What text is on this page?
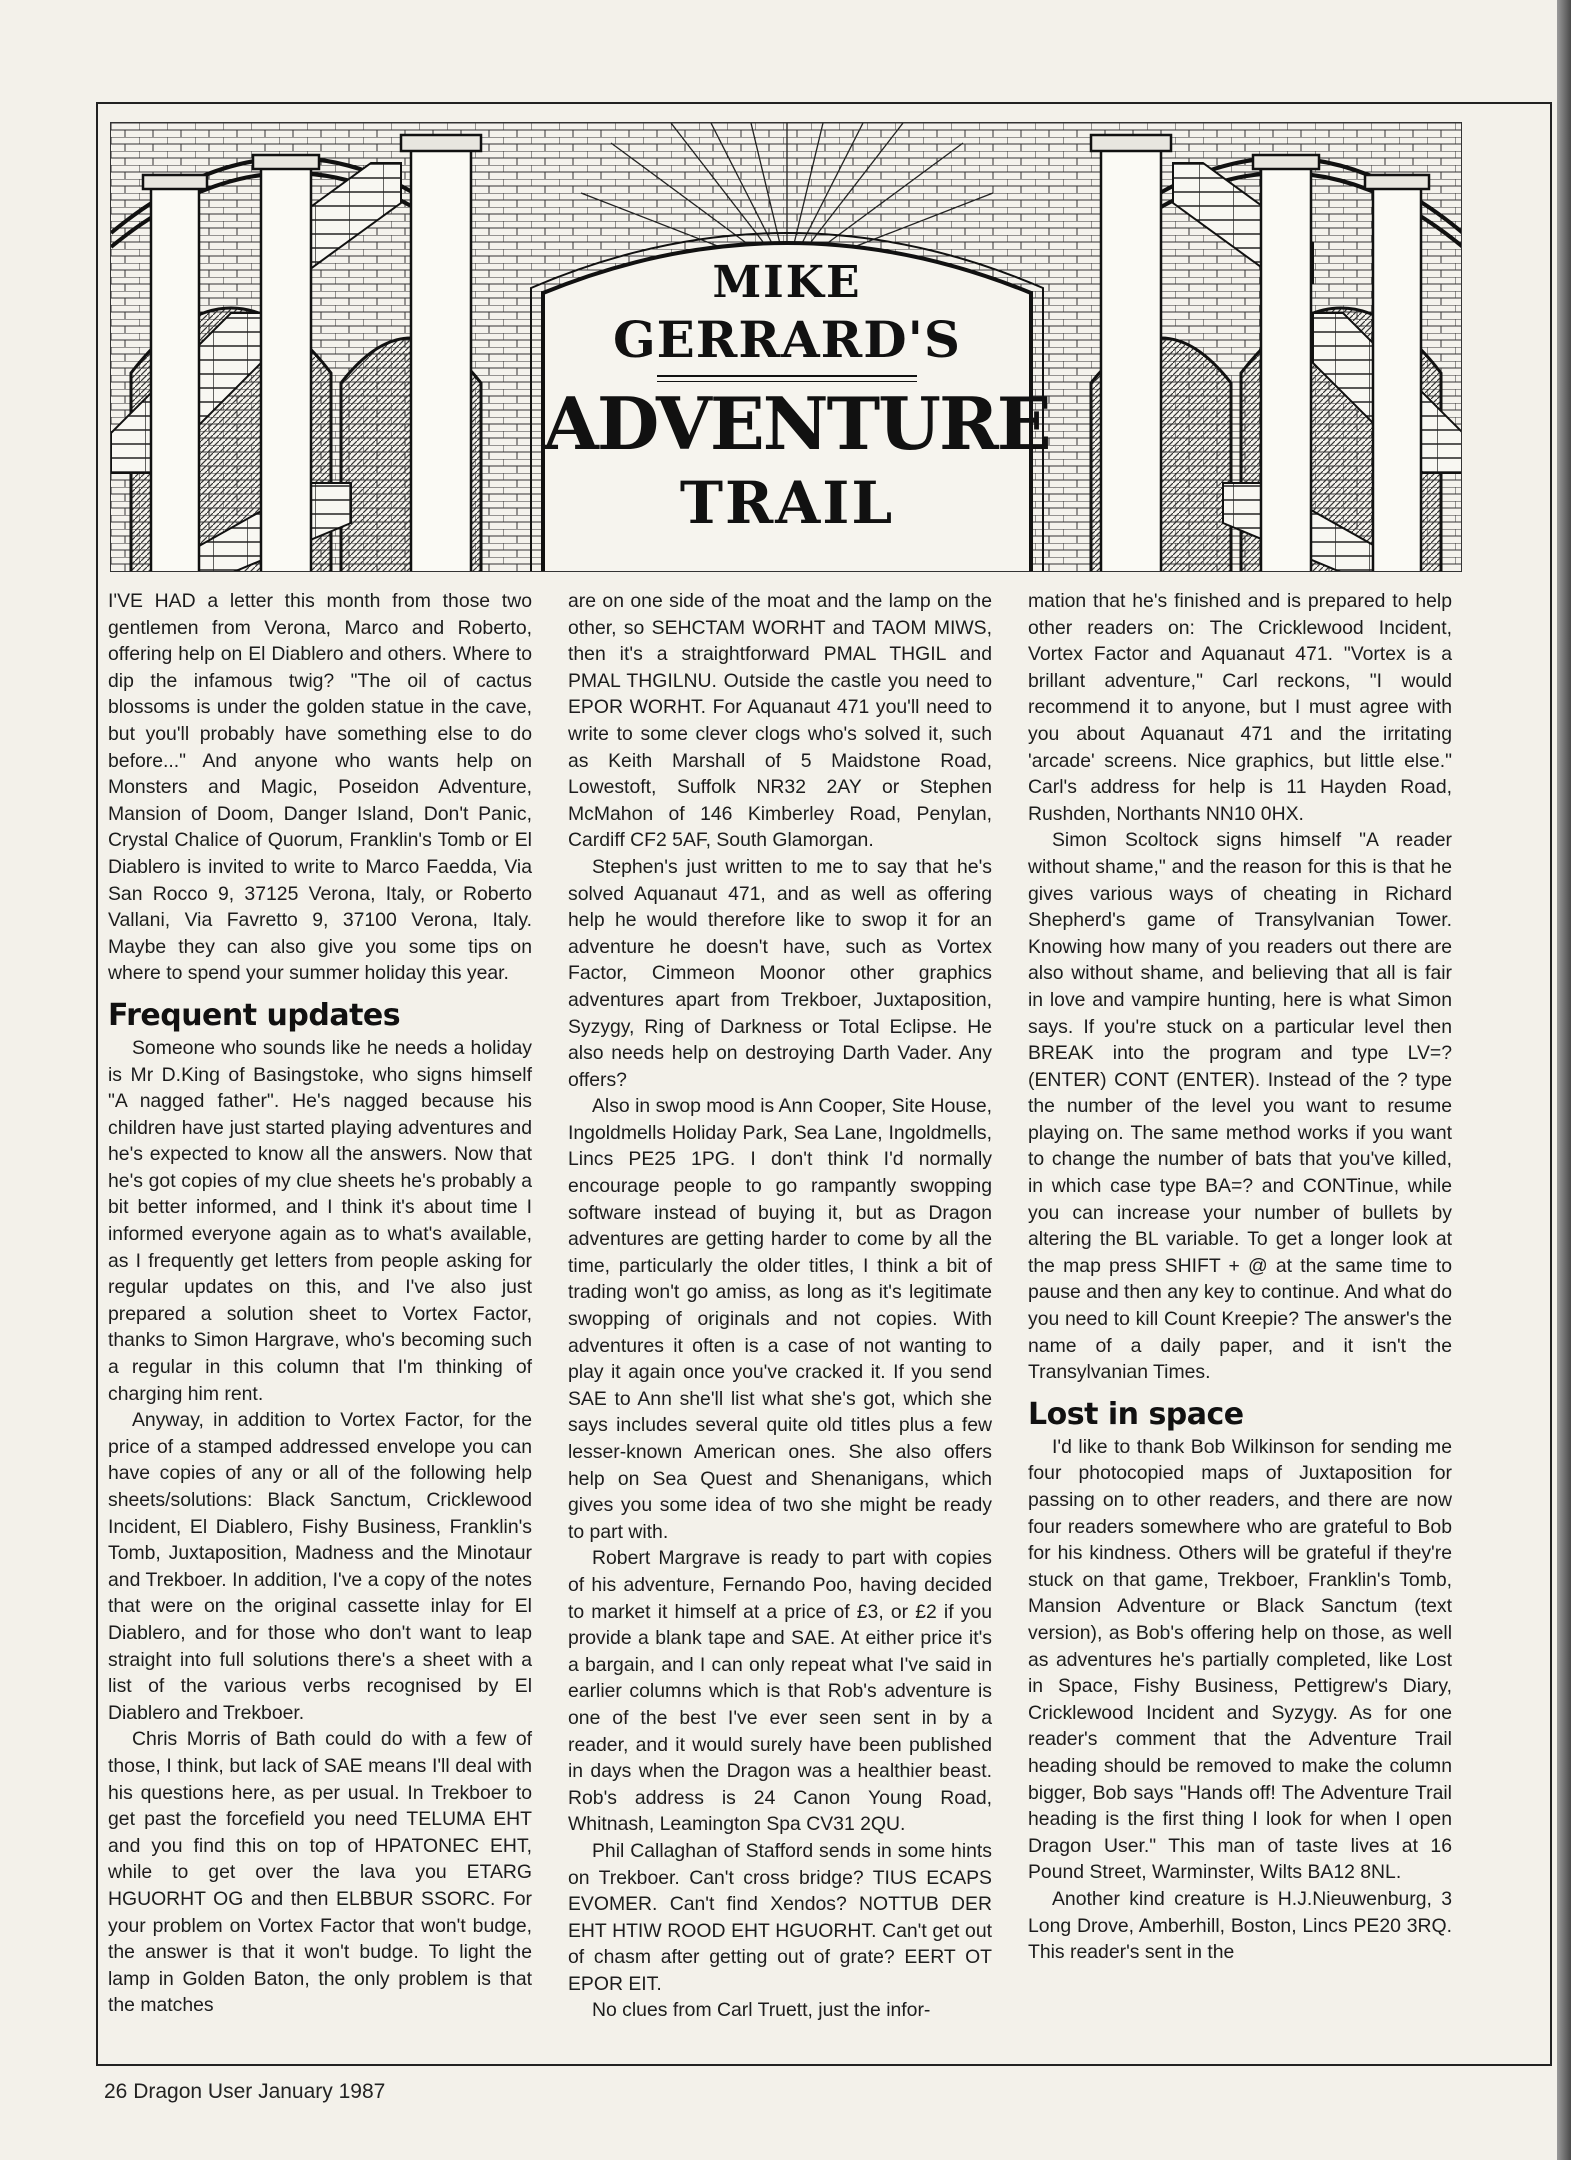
MIKE
GERRARD'S
ADVENTURE
TRAIL

I'VE HAD a letter this month from those two gentlemen from Verona, Marco and Roberto, offering help on El Diablero and others. Where to dip the infamous twig? "The oil of cactus blossoms is under the golden statue in the cave, but you'll probably have something else to do before..." And anyone who wants help on Monsters and Magic, Poseidon Adventure, Mansion of Doom, Danger Island, Don't Panic, Crystal Chalice of Quorum, Franklin's Tomb or El Diablero is invited to write to Marco Faedda, Via San Rocco 9, 37125 Verona, Italy, or Roberto Vallani, Via Favretto 9, 37100 Verona, Italy. Maybe they can also give you some tips on where to spend your summer holiday this year.

Frequent updates

Someone who sounds like he needs a holiday is Mr D.King of Basingstoke, who signs himself "A nagged father". He's nagged because his children have just started playing adventures and he's expected to know all the answers. Now that he's got copies of my clue sheets he's probably a bit better informed, and I think it's about time I informed everyone again as to what's available, as I frequently get letters from people asking for regular updates on this, and I've also just prepared a solution sheet to Vortex Factor, thanks to Simon Hargrave, who's becoming such a regular in this column that I'm thinking of charging him rent.

Anyway, in addition to Vortex Factor, for the price of a stamped addressed envelope you can have copies of any or all of the following help sheets/solutions: Black Sanctum, Cricklewood Incident, El Diablero, Fishy Business, Franklin's Tomb, Juxtaposition, Madness and the Minotaur and Trekboer. In addition, I've a copy of the notes that were on the original cassette inlay for El Diablero, and for those who don't want to leap straight into full solutions there's a sheet with a list of the various verbs recognised by El Diablero and Trekboer.

Chris Morris of Bath could do with a few of those, I think, but lack of SAE means I'll deal with his questions here, as per usual. In Trekboer to get past the forcefield you need TELUMA EHT and you find this on top of HPATONEC EHT, while to get over the lava you ETARG HGUORHT OG and then ELBBUR SSORC. For your problem on Vortex Factor that won't budge, the answer is that it won't budge. To light the lamp in Golden Baton, the only problem is that the matches

are on one side of the moat and the lamp on the other, so SEHCTAM WORHT and TAOM MIWS, then it's a straightforward PMAL THGIL and PMAL THGILNU. Outside the castle you need to EPOR WORHT. For Aquanaut 471 you'll need to write to some clever clogs who's solved it, such as Keith Marshall of 5 Maidstone Road, Lowestoft, Suffolk NR32 2AY or Stephen McMahon of 146 Kimberley Road, Penylan, Cardiff CF2 5AF, South Glamorgan.

Stephen's just written to me to say that he's solved Aquanaut 471, and as well as offering help he would therefore like to swop it for an adventure he doesn't have, such as Vortex Factor, Cimmeon Moonor other graphics adventures apart from Trekboer, Juxtaposition, Syzygy, Ring of Darkness or Total Eclipse. He also needs help on destroying Darth Vader. Any offers?

Also in swop mood is Ann Cooper, Site House, Ingoldmells Holiday Park, Sea Lane, Ingoldmells, Lincs PE25 1PG. I don't think I'd normally encourage people to go rampantly swopping software instead of buying it, but as Dragon adventures are getting harder to come by all the time, particularly the older titles, I think a bit of trading won't go amiss, as long as it's legitimate swopping of originals and not copies. With adventures it often is a case of not wanting to play it again once you've cracked it. If you send SAE to Ann she'll list what she's got, which she says includes several quite old titles plus a few lesser-known American ones. She also offers help on Sea Quest and Shenanigans, which gives you some idea of two she might be ready to part with.

Robert Margrave is ready to part with copies of his adventure, Fernando Poo, having decided to market it himself at a price of £3, or £2 if you provide a blank tape and SAE. At either price it's a bargain, and I can only repeat what I've said in earlier columns which is that Rob's adventure is one of the best I've ever seen sent in by a reader, and it would surely have been published in days when the Dragon was a healthier beast. Rob's address is 24 Canon Young Road, Whitnash, Leamington Spa CV31 2QU.

Phil Callaghan of Stafford sends in some hints on Trekboer. Can't cross bridge? TIUS ECAPS EVOMER. Can't find Xendos? NOTTUB DER EHT HTIW ROOD EHT HGUORHT. Can't get out of chasm after getting out of grate? EERT OT EPOR EIT.

No clues from Carl Truett, just the infor-

mation that he's finished and is prepared to help other readers on: The Cricklewood Incident, Vortex Factor and Aquanaut 471. "Vortex is a brillant adventure," Carl reckons, "I would recommend it to anyone, but I must agree with you about Aquanaut 471 and the irritating 'arcade' screens. Nice graphics, but little else." Carl's address for help is 11 Hayden Road, Rushden, Northants NN10 0HX.

Simon Scoltock signs himself "A reader without shame," and the reason for this is that he gives various ways of cheating in Richard Shepherd's game of Transylvanian Tower. Knowing how many of you readers out there are also without shame, and believing that all is fair in love and vampire hunting, here is what Simon says. If you're stuck on a particular level then BREAK into the program and type LV=? (ENTER) CONT (ENTER). Instead of the ? type the number of the level you want to resume playing on. The same method works if you want to change the number of bats that you've killed, in which case type BA=? and CONTinue, while you can increase your number of bullets by altering the BL variable. To get a longer look at the map press SHIFT + @ at the same time to pause and then any key to continue. And what do you need to kill Count Kreepie? The answer's the name of a daily paper, and it isn't the Transylvanian Times.

Lost in space

I'd like to thank Bob Wilkinson for sending me four photocopied maps of Juxtaposition for passing on to other readers, and there are now four readers somewhere who are grateful to Bob for his kindness. Others will be grateful if they're stuck on that game, Trekboer, Franklin's Tomb, Mansion Adventure or Black Sanctum (text version), as Bob's offering help on those, as well as adventures he's partially completed, like Lost in Space, Fishy Business, Pettigrew's Diary, Cricklewood Incident and Syzygy. As for one reader's comment that the Adventure Trail heading should be removed to make the column bigger, Bob says "Hands off! The Adventure Trail heading is the first thing I look for when I open Dragon User." This man of taste lives at 16 Pound Street, Warminster, Wilts BA12 8NL.

Another kind creature is H.J.Nieuwenburg, 3 Long Drove, Amberhill, Boston, Lincs PE20 3RQ. This reader's sent in the

26 Dragon User January 1987
